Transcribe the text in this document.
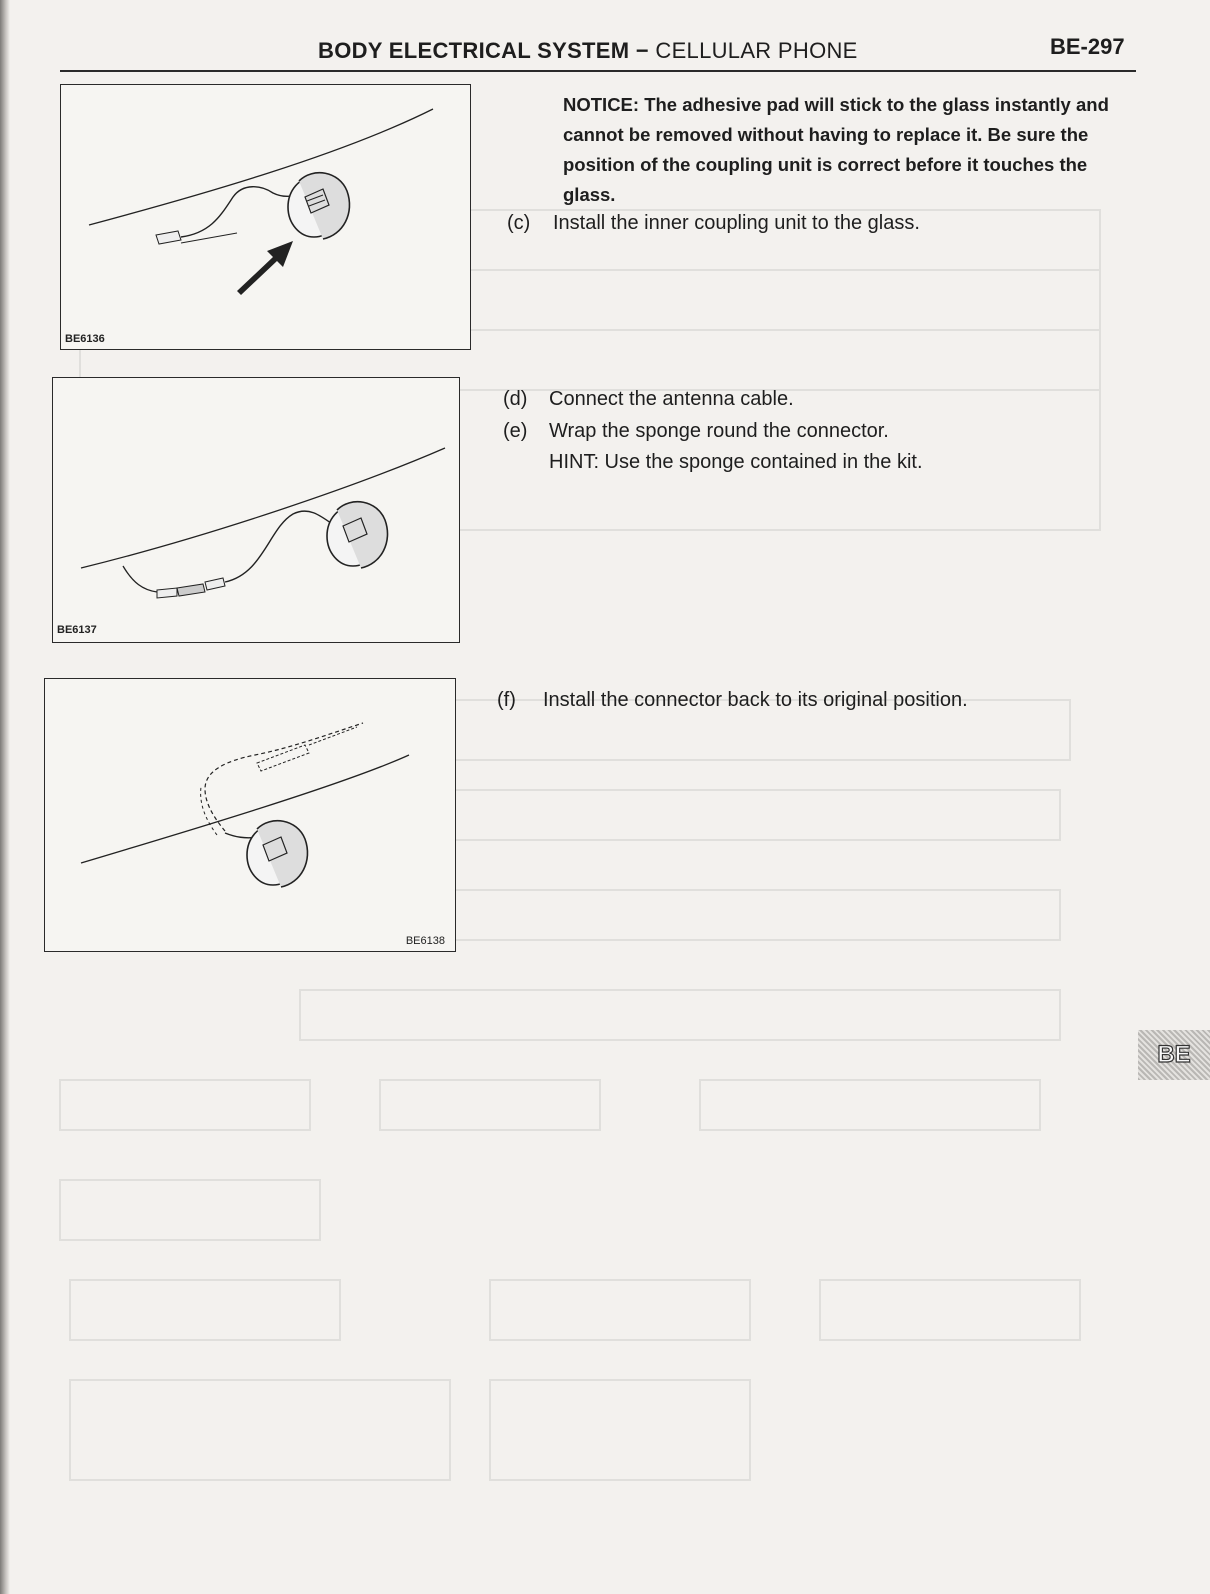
BODY ELECTRICAL SYSTEM − CELLULAR PHONE	BE-297
BE6136
BE6137
BE6138
NOTICE: The adhesive pad will stick to the glass instantly and cannot be removed without having to replace it. Be sure the position of the coupling unit is correct before it touches the glass.
(c) Install the inner coupling unit to the glass.
(d) Connect the antenna cable.
(e) Wrap the sponge round the connector.
HINT: Use the sponge contained in the kit.
(f) Install the connector back to its original position.
BE
